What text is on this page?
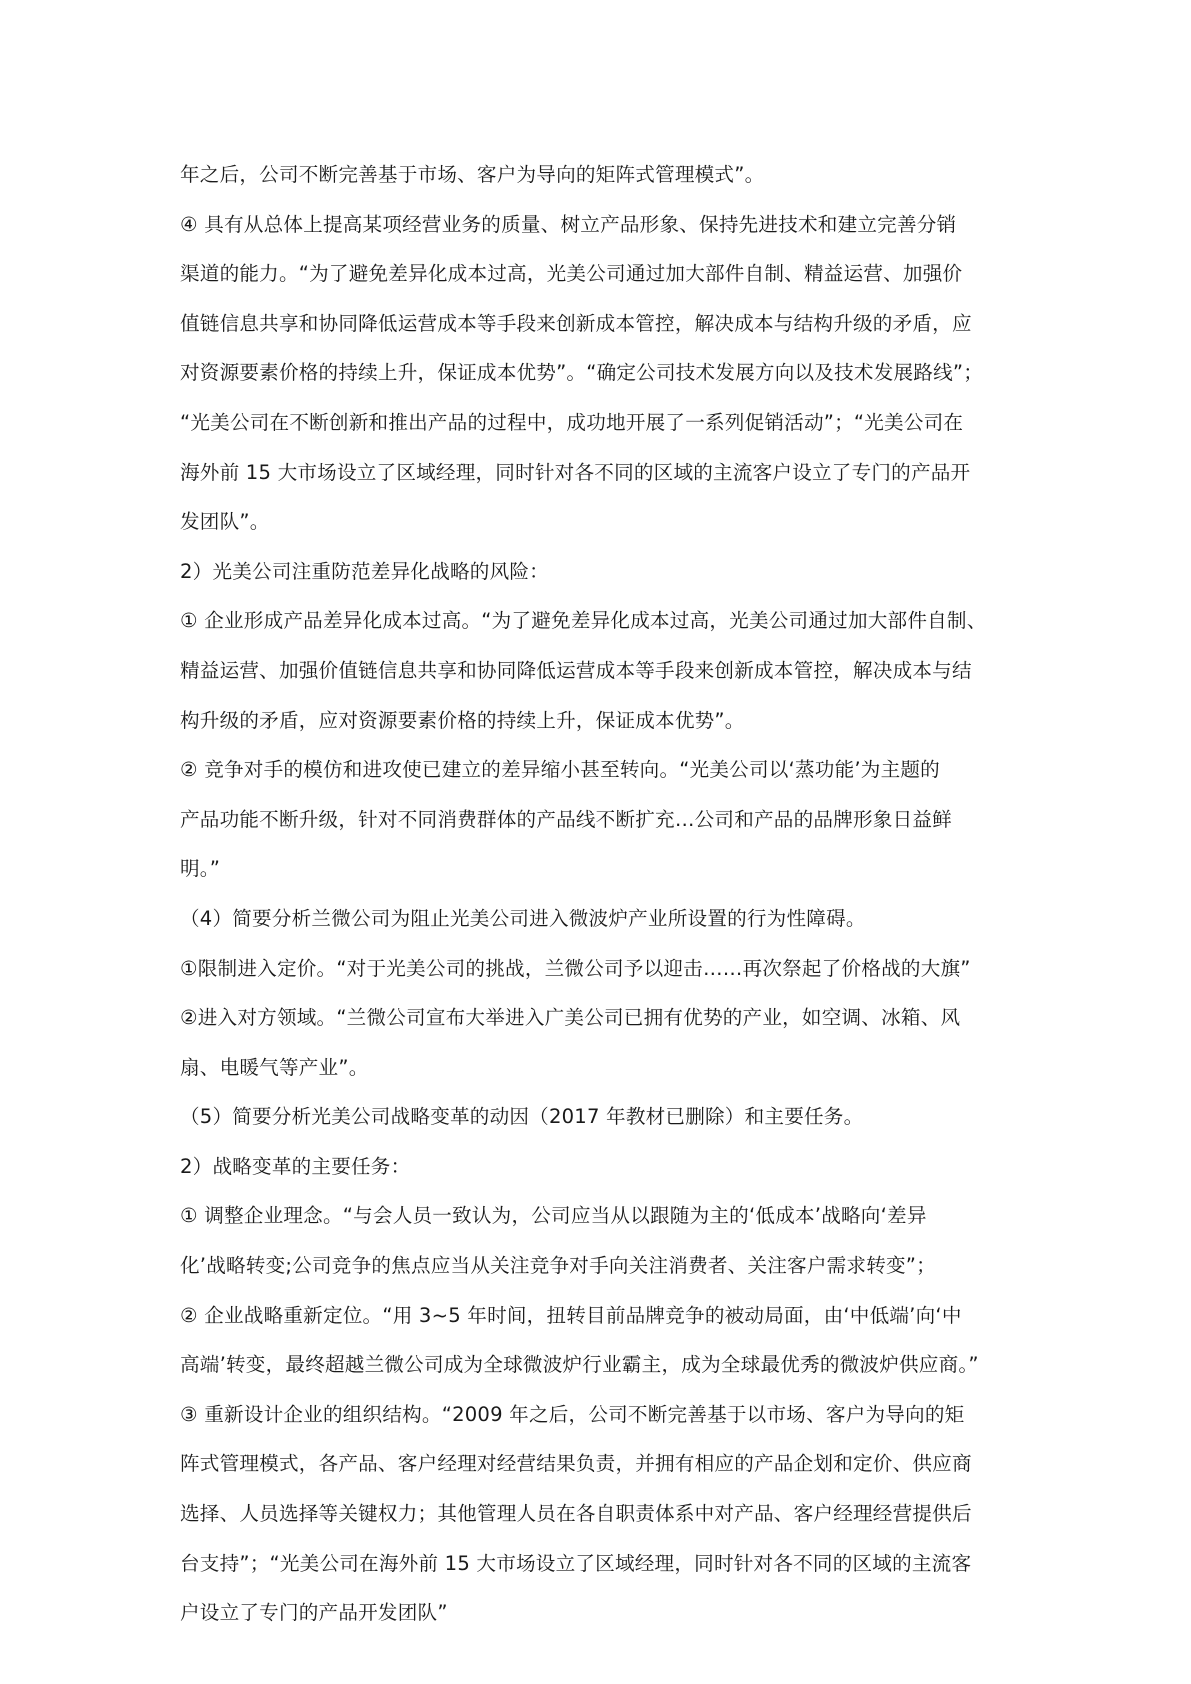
年之后，公司不断完善基于市场、客户为导向的矩阵式管理模式”。
④ 具有从总体上提高某项经营业务的质量、树立产品形象、保持先进技术和建立完善分销
渠道的能力。“为了避免差异化成本过高，光美公司通过加大部件自制、精益运营、加强价
值链信息共享和协同降低运营成本等手段来创新成本管控，解决成本与结构升级的矛盾，应
对资源要素价格的持续上升，保证成本优势”。“确定公司技术发展方向以及技术发展路线”；
“光美公司在不断创新和推出产品的过程中，成功地开展了一系列促销活动”；“光美公司在
海外前 15 大市场设立了区域经理，同时针对各不同的区域的主流客户设立了专门的产品开
发团队”。
2）光美公司注重防范差异化战略的风险：
① 企业形成产品差异化成本过高。“为了避免差异化成本过高，光美公司通过加大部件自制、
精益运营、加强价值链信息共享和协同降低运营成本等手段来创新成本管控，解决成本与结
构升级的矛盾，应对资源要素价格的持续上升，保证成本优势”。
② 竞争对手的模仿和进攻使已建立的差异缩小甚至转向。“光美公司以‘蒸功能’为主题的
产品功能不断升级，针对不同消费群体的产品线不断扩充…公司和产品的品牌形象日益鲜
明。”
（4）简要分析兰微公司为阻止光美公司进入微波炉产业所设置的行为性障碍。
①限制进入定价。“对于光美公司的挑战，兰微公司予以迎击……再次祭起了价格战的大旗”
②进入对方领域。“兰微公司宣布大举进入广美公司已拥有优势的产业，如空调、冰箱、风
扇、电暖气等产业”。
（5）简要分析光美公司战略变革的动因（2017 年教材已删除）和主要任务。
2）战略变革的主要任务：
① 调整企业理念。“与会人员一致认为，公司应当从以跟随为主的‘低成本’战略向‘差异
化’战略转变;公司竞争的焦点应当从关注竞争对手向关注消费者、关注客户需求转变”；
② 企业战略重新定位。“用 3~5 年时间，扭转目前品牌竞争的被动局面，由‘中低端’向‘中
高端’转变，最终超越兰微公司成为全球微波炉行业霸主，成为全球最优秀的微波炉供应商。”
③ 重新设计企业的组织结构。“2009 年之后，公司不断完善基于以市场、客户为导向的矩
阵式管理模式，各产品、客户经理对经营结果负责，并拥有相应的产品企划和定价、供应商
选择、人员选择等关键权力；其他管理人员在各自职责体系中对产品、客户经理经营提供后
台支持”；“光美公司在海外前 15 大市场设立了区域经理，同时针对各不同的区域的主流客
户设立了专门的产品开发团队”
